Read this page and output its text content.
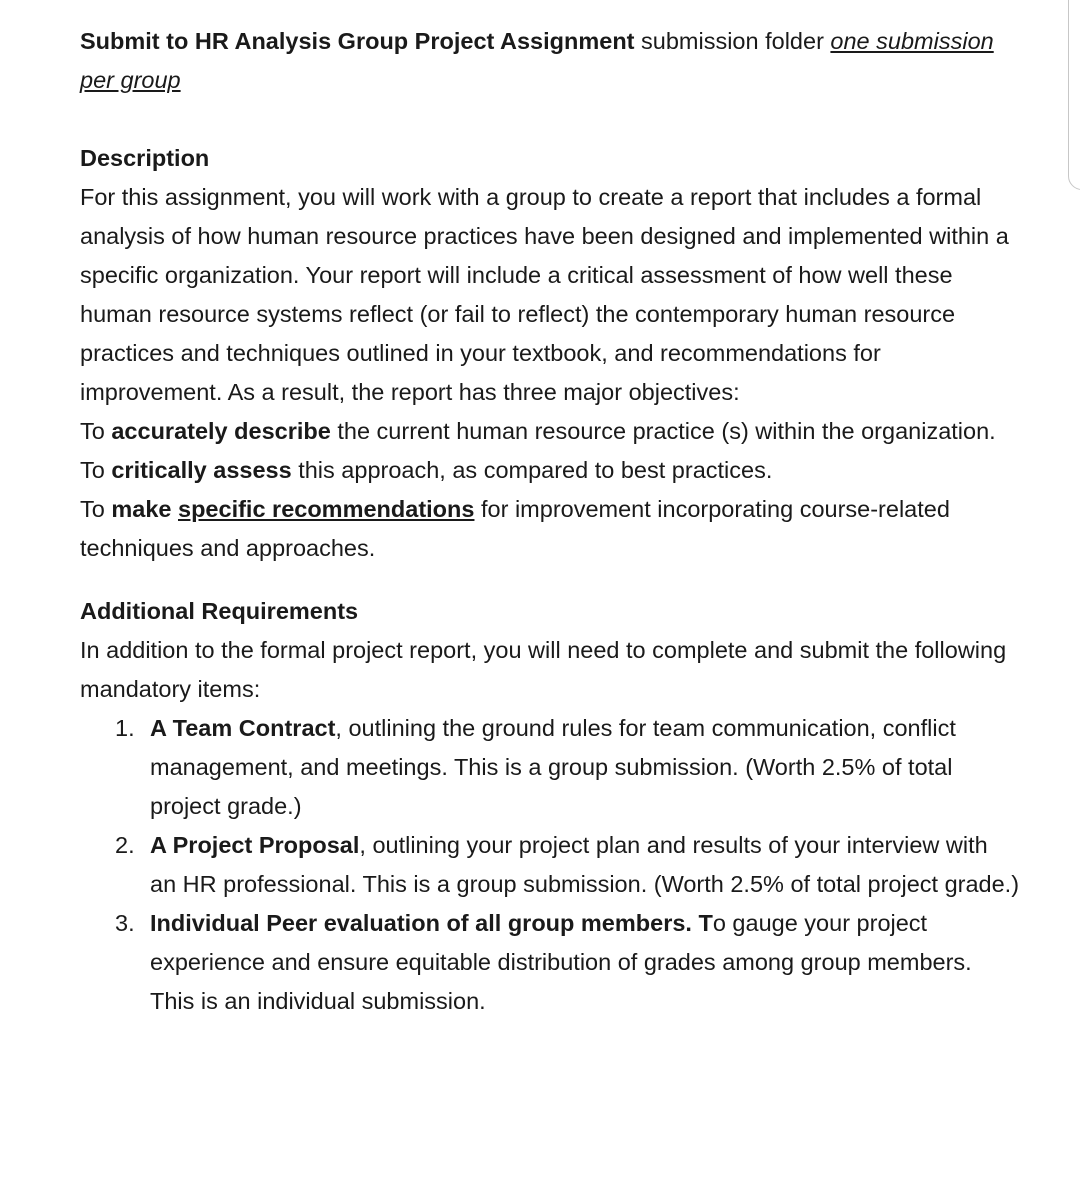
Submit to HR Analysis Group Project Assignment submission folder one submission per group

Description

For this assignment, you will work with a group to create a report that includes a formal analysis of how human resource practices have been designed and implemented within a specific organization. Your report will include a critical assessment of how well these human resource systems reflect (or fail to reflect) the contemporary human resource practices and techniques outlined in your textbook, and recommendations for improvement. As a result, the report has three major objectives:

To accurately describe the current human resource practice (s) within the organization.

To critically assess this approach, as compared to best practices.

To make specific recommendations for improvement incorporating course-related techniques and approaches.

Additional Requirements

In addition to the formal project report, you will need to complete and submit the following mandatory items:

1. A Team Contract, outlining the ground rules for team communication, conflict management, and meetings. This is a group submission. (Worth 2.5% of total project grade.)
2. A Project Proposal, outlining your project plan and results of your interview with an HR professional. This is a group submission. (Worth 2.5% of total project grade.)
3. Individual Peer evaluation of all group members. To gauge your project experience and ensure equitable distribution of grades among group members. This is an individual submission.
